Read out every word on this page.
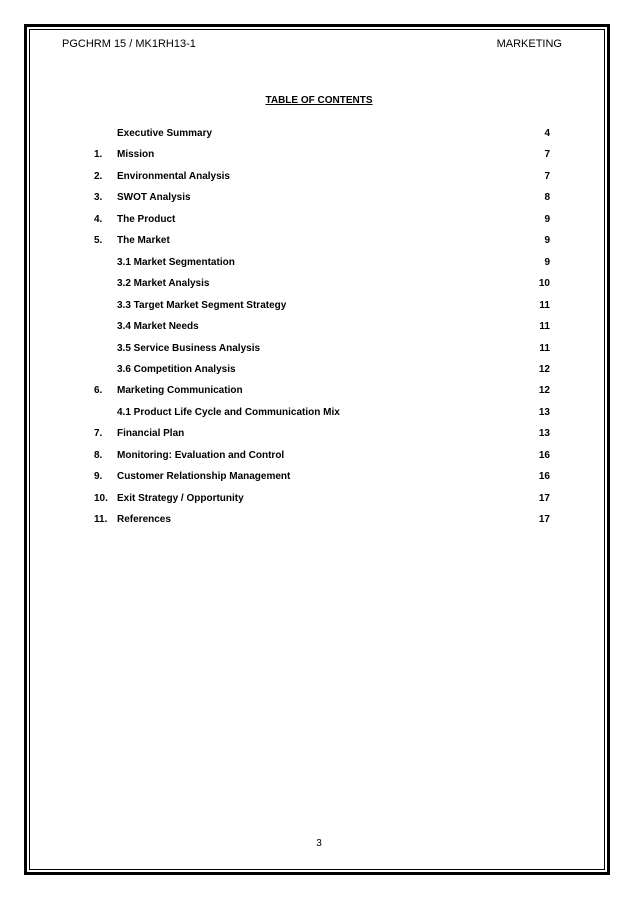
PGCHRM 15 / MK1RH13-1	MARKETING
TABLE OF CONTENTS
Executive Summary	4
1. Mission	7
2. Environmental Analysis	7
3. SWOT Analysis	8
4. The Product	9
5. The Market	9
3.1 Market Segmentation	9
3.2 Market Analysis	10
3.3 Target Market Segment Strategy	11
3.4 Market Needs	11
3.5 Service Business Analysis	11
3.6 Competition Analysis	12
6. Marketing Communication	12
4.1 Product Life Cycle and Communication Mix	13
7. Financial Plan	13
8. Monitoring: Evaluation and Control	16
9. Customer Relationship Management	16
10. Exit Strategy / Opportunity	17
11. References	17
3
